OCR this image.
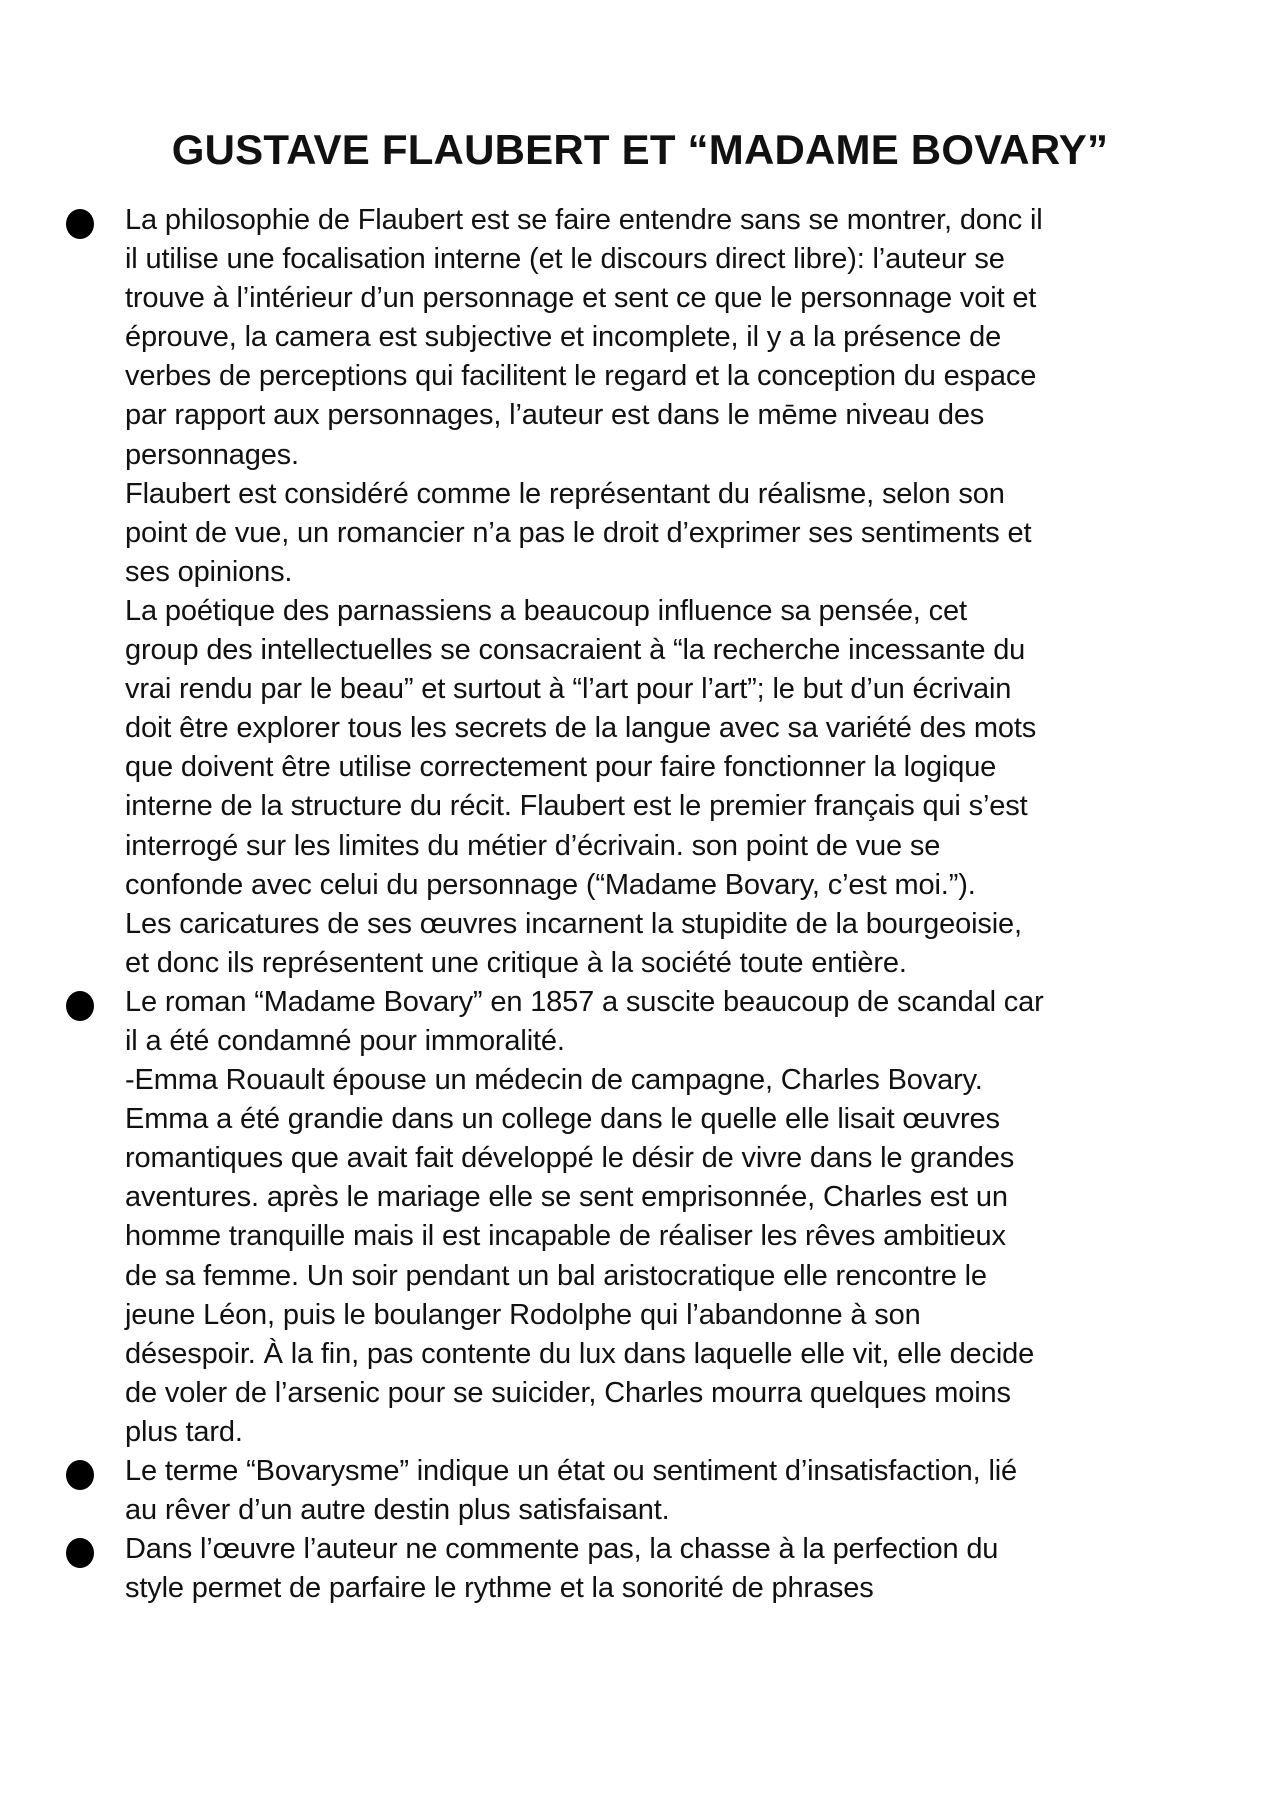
GUSTAVE FLAUBERT ET “MADAME BOVARY”
La philosophie de Flaubert est se faire entendre sans se montrer, donc il
il utilise une focalisation interne (et le discours direct libre): l’auteur se
trouve à l’intérieur d’un personnage et sent ce que le personnage voit et
éprouve, la camera est subjective et incomplete, il y a la présence de
verbes de perceptions qui facilitent le regard et la conception du espace
par rapport aux personnages, l’auteur est dans le mēme niveau des
personnages.
Flaubert est considéré comme le représentant du réalisme, selon son
point de vue, un romancier n’a pas le droit d’exprimer ses sentiments et
ses opinions.
La poétique des parnassiens a beaucoup influence sa pensée, cet
group des intellectuelles se consacraient à “la recherche incessante du
vrai rendu par le beau” et surtout à “l’art pour l’art”; le but d’un écrivain
doit être explorer tous les secrets de la langue avec sa variété des mots
que doivent être utilise correctement pour faire fonctionner la logique
interne de la structure du récit. Flaubert est le premier français qui s’est
interrogé sur les limites du métier d’écrivain. son point de vue se
confonde avec celui du personnage (“Madame Bovary, c’est moi.”).
Les caricatures de ses œuvres incarnent la stupidite de la bourgeoisie,
et donc ils représentent une critique à la société toute entière.
Le roman “Madame Bovary” en 1857 a suscite beaucoup de scandal car
il a été condamné pour immoralité.
-Emma Rouault épouse un médecin de campagne, Charles Bovary.
Emma a été grandie dans un college dans le quelle elle lisait œuvres
romantiques que avait fait développé le désir de vivre dans le grandes
aventures. après le mariage elle se sent emprisonnée, Charles est un
homme tranquille mais il est incapable de réaliser les rêves ambitieux
de sa femme. Un soir pendant un bal aristocratique elle rencontre le
jeune Léon, puis le boulanger Rodolphe qui l’abandonne à son
désespoir. À la fin, pas contente du lux dans laquelle elle vit, elle decide
de voler de l’arsenic pour se suicider, Charles mourra quelques moins
plus tard.
Le terme “Bovarysme” indique un état ou sentiment d’insatisfaction, lié
au rêver d’un autre destin plus satisfaisant.
Dans l’œuvre l’auteur ne commente pas, la chasse à la perfection du
style permet de parfaire le rythme et la sonorité de phrases
